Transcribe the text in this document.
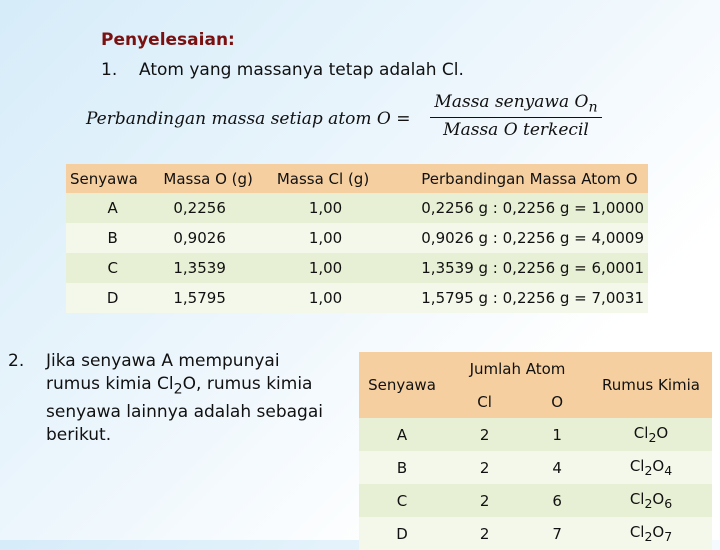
Penyelesaian:
1. Atom yang massanya tetap adalah Cl.
Perbandingan massa setiap atom O =
Massa senyawa $O_n$
Massa O terkecil
Senyawa	Massa O (g)	Massa Cl (g)	Perbandingan Massa Atom O
A	0,2256	1,00	0,2256 g : 0,2256 g = 1,0000
B	0,9026	1,00	0,9026 g : 0,2256 g = 4,0009
C	1,3539	1,00	1,3539 g : 0,2256 g = 6,0001
D	1,5795	1,00	1,5795 g : 0,2256 g = 7,0031
2. Jika senyawa A mempunyai rumus kimia $Cl_2O$, rumus kimia senyawa lainnya adalah sebagai berikut.
Senyawa	Jumlah Atom		Rumus Kimia
	Cl	O	
A	2	1	$Cl_2O$
B	2	4	$Cl_2O_4$
C	2	6	$Cl_2O_6$
D	2	7	$Cl_2O_7$
